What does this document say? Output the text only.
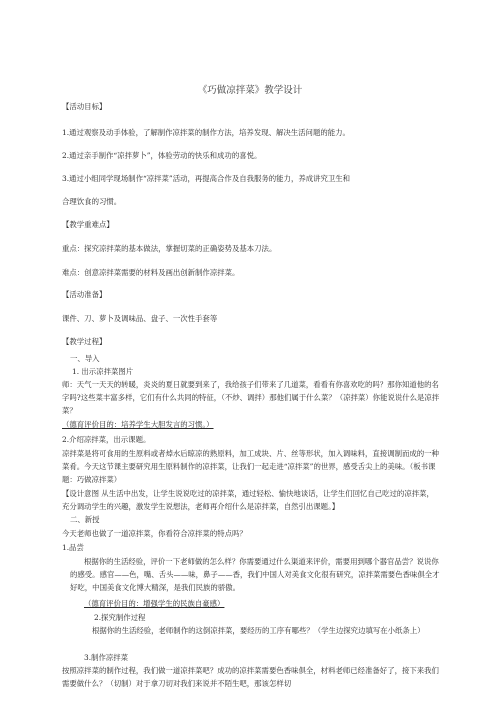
《巧做凉拌菜》教学设计
【活动目标】
1.通过观察及动手体验，了解制作凉拌菜的制作方法，培养发现、解决生活问题的能力。
2.通过亲手制作“凉拌萝卜”，体验劳动的快乐和成功的喜悦。
3.通过小组同学现场制作“凉拌菜”活动，再提高合作及自我服务的能力，养成讲究卫生和
合理饮食的习惯。
【教学重难点】
重点：探究凉拌菜的基本做法，掌握切菜的正确姿势及基本刀法。
难点：创意凉拌菜需要的材料及画出创新制作凉拌菜。
【活动准备】
课件、刀、萝卜及调味品、盘子、一次性手套等
【教学过程】
一、导入
1. 出示凉拌菜图片
师：天气一天天的转暖，炎炎的夏日就要到来了，我给孩子们带来了几道菜，看看有你喜欢吃的吗？那你知道他的名字吗?这些菜丰富多样，它们有什么共同的特征，（不炒、调拌）那他们属于什么菜？（凉拌菜）你能说说什么是凉拌菜？
（德育评价目的：培养学生大胆发言的习惯。）
2.介绍凉拌菜，出示课题。
凉拌菜是将可食用的生原料或者焯水后晾凉的熟原料，加工成块、片、丝等形状，加入调味料，直接调制而成的一种菜肴。今天这节课主要研究用生原料制作的凉拌菜，让我们一起走进“凉拌菜”的世界，感受舌尖上的美味。（板书课题：巧做凉拌菜）
【设计意图 从生活中出发，让学生说说吃过的凉拌菜，通过轻松、愉快地谈话，让学生们回忆自己吃过的凉拌菜，充分调动学生的兴趣，激发学生说想法，老师再介绍什么是凉拌菜，自然引出课题。】
二、新授
今天老师也做了一道凉拌菜，你看符合凉拌菜的特点吗？
1.品尝
根据你的生活经验，评价一下老师做的怎么样？你需要通过什么渠道来评价，需要用到哪个器官品尝？说说你的感受。感官——色，嘴、舌头——味，鼻子——香，我们中国人对美食文化很有研究，凉拌菜需要色香味俱全才好吃，中国美食文化博大精深，是我们民族的骄傲。
（德育评价目的：增强学生的民族自豪感）
2.探究制作过程
根据你的生活经验，老师制作的这倒凉拌菜，要经历的工序有哪些？（学生边探究边填写在小纸条上）
3.制作凉拌菜
按照凉拌菜的制作过程，我们做一道凉拌菜吧？成功的凉拌菜需要色香味俱全，材料老师已经准备好了，接下来我们需要做什么？（切制）对于拿刀切对我们来说并不陌生吧，那该怎样切
